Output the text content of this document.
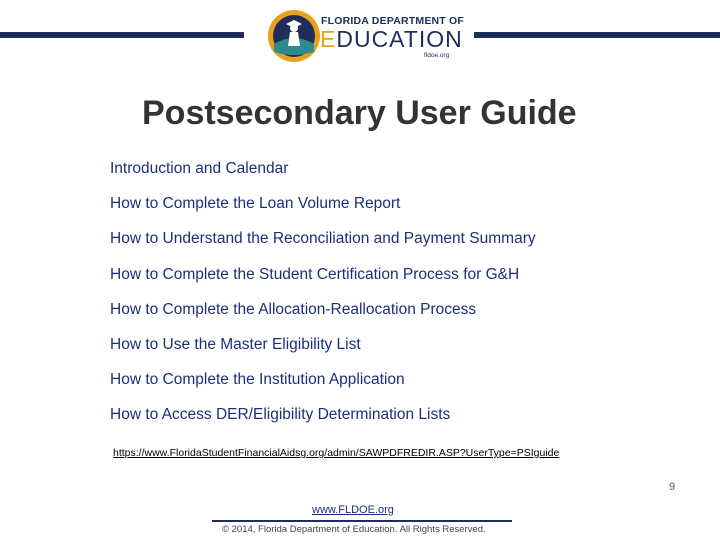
FLORIDA DEPARTMENT OF
EDUCATION
fldoe.org
Postsecondary User Guide
Introduction and Calendar
How to Complete the Loan Volume Report
How to Understand the Reconciliation and Payment Summary
How to Complete the Student Certification Process for G&H
How to Complete the Allocation-Reallocation Process
How to Use the Master Eligibility List
How to Complete the Institution Application
How to Access DER/Eligibility Determination Lists
https://www.FloridaStudentFinancialAidsg.org/admin/SAWPDFREDIR.ASP?UserType=PSIguide
www.FLDOE.org
© 2014, Florida Department of Education. All Rights Reserved.
9
